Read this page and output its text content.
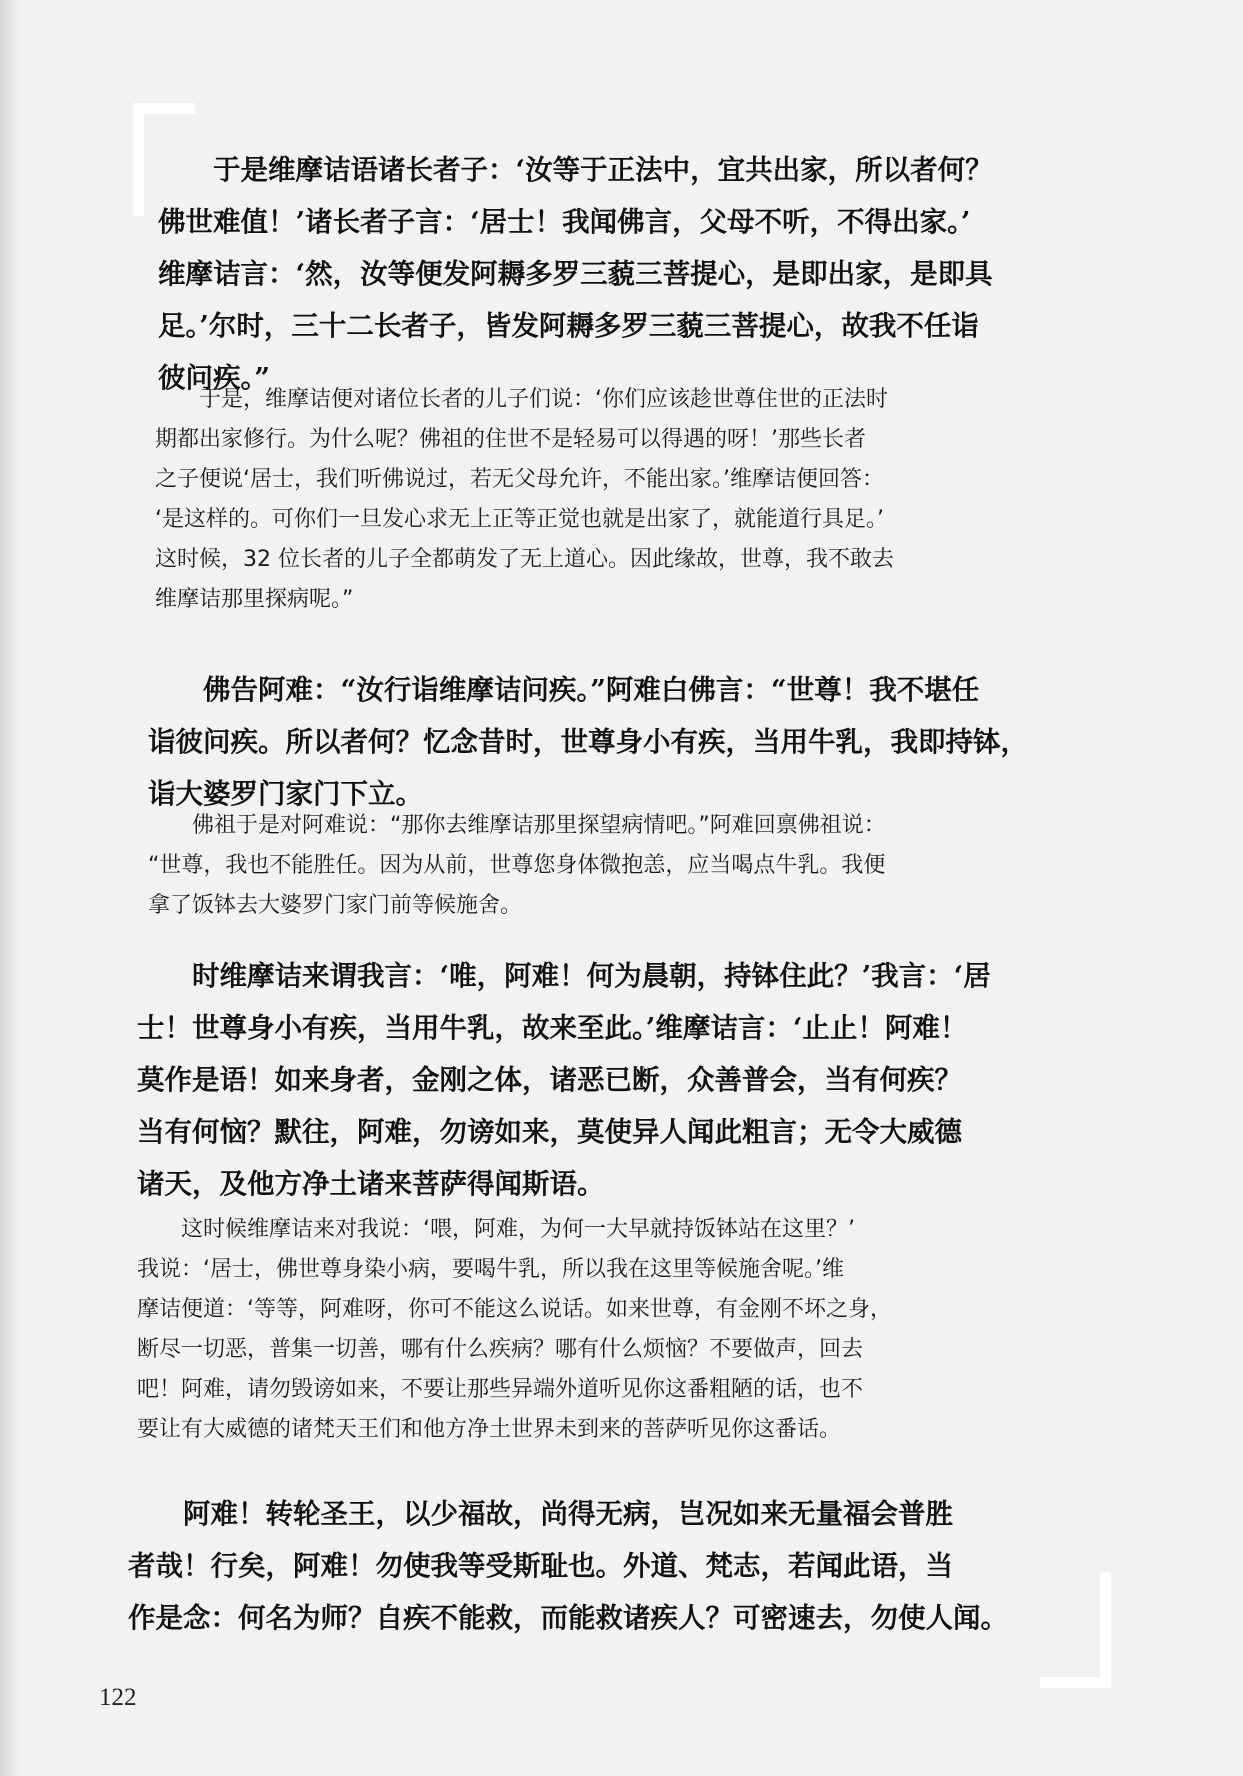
于是维摩诘语诸长者子：‘汝等于正法中，宜共出家，所以者何？
佛世难值！’诸长者子言：‘居士！我闻佛言，父母不听，不得出家。’
维摩诘言：‘然，汝等便发阿耨多罗三藐三菩提心，是即出家，是即具
足。’尔时，三十二长者子，皆发阿耨多罗三藐三菩提心，故我不任诣
彼问疾。”
于是，维摩诘便对诸位长者的儿子们说：‘你们应该趁世尊住世的正法时
期都出家修行。为什么呢？佛祖的住世不是轻易可以得遇的呀！’那些长者
之子便说‘居士，我们听佛说过，若无父母允许，不能出家。’维摩诘便回答：
‘是这样的。可你们一旦发心求无上正等正觉也就是出家了，就能道行具足。’
这时候，32 位长者的儿子全都萌发了无上道心。因此缘故，世尊，我不敢去
维摩诘那里探病呢。”
佛告阿难：“汝行诣维摩诘问疾。”阿难白佛言：“世尊！我不堪任
诣彼问疾。所以者何？忆念昔时，世尊身小有疾，当用牛乳，我即持钵，
诣大婆罗门家门下立。
佛祖于是对阿难说：“那你去维摩诘那里探望病情吧。”阿难回禀佛祖说：
“世尊，我也不能胜任。因为从前，世尊您身体微抱恙，应当喝点牛乳。我便
拿了饭钵去大婆罗门家门前等候施舍。
时维摩诘来谓我言：‘唯，阿难！何为晨朝，持钵住此？’我言：‘居
士！世尊身小有疾，当用牛乳，故来至此。’维摩诘言：‘止止！阿难！
莫作是语！如来身者，金刚之体，诸恶已断，众善普会，当有何疾？
当有何恼？默往，阿难，勿谤如来，莫使异人闻此粗言；无令大威德
诸天，及他方净土诸来菩萨得闻斯语。
这时候维摩诘来对我说：‘喂，阿难，为何一大早就持饭钵站在这里？’
我说：‘居士，佛世尊身染小病，要喝牛乳，所以我在这里等候施舍呢。’维
摩诘便道：‘等等，阿难呀，你可不能这么说话。如来世尊，有金刚不坏之身，
断尽一切恶，普集一切善，哪有什么疾病？哪有什么烦恼？不要做声，回去
吧！阿难，请勿毁谤如来，不要让那些异端外道听见你这番粗陋的话，也不
要让有大威德的诸梵天王们和他方净土世界未到来的菩萨听见你这番话。
阿难！转轮圣王，以少福故，尚得无病，岂况如来无量福会普胜
者哉！行矣，阿难！勿使我等受斯耻也。外道、梵志，若闻此语，当
作是念：何名为师？自疾不能救，而能救诸疾人？可密速去，勿使人闻。
122
